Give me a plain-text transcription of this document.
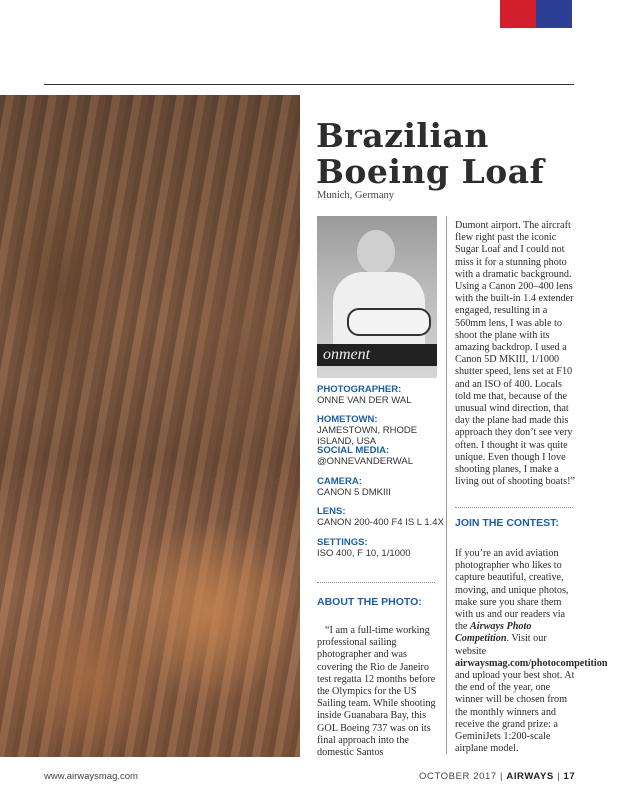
Brazilian Boeing Loaf
Munich, Germany
onment
PHOTOGRAPHER:
ONNE VAN DER WAL
HOMETOWN:
JAMESTOWN, RHODE ISLAND, USA
SOCIAL MEDIA:
@ONNEVANDERWAL
CAMERA:
CANON 5 DMKIII
LENS:
CANON 200-400 F4 IS L 1.4X
SETTINGS:
ISO 400, F 10, 1/1000
ABOUT THE PHOTO:
“I am a full-time working professional sailing photographer and was covering the Rio de Janeiro test regatta 12 months before the Olympics for the US Sailing team. While shooting inside Guanabara Bay, this GOL Boeing 737 was on its final approach into the domestic Santos
Dumont airport. The aircraft flew right past the iconic Sugar Loaf and I could not miss it for a stunning photo with a dramatic background. Using a Canon 200–400 lens with the built-in 1.4 extender engaged, resulting in a 560mm lens, I was able to shoot the plane with its amazing backdrop. I used a Canon 5D MKIII, 1/1000 shutter speed, lens set at F10 and an ISO of 400. Locals told me that, because of the unusual wind direction, that day the plane had made this approach they don’t see very often. I thought it was quite unique. Even though I love shooting planes, I make a living out of shooting boats!”
JOIN THE CONTEST:
If you’re an avid aviation photographer who likes to capture beautiful, creative, moving, and unique photos, make sure you share them with us and our readers via the Airways Photo Competition. Visit our website airwaysmag.com/photocompetition and upload your best shot. At the end of the year, one winner will be chosen from the monthly winners and receive the grand prize: a GeminiJets 1:200-scale airplane model.
www.airwaysmag.com	OCTOBER 2017 | AIRWAYS | 17
